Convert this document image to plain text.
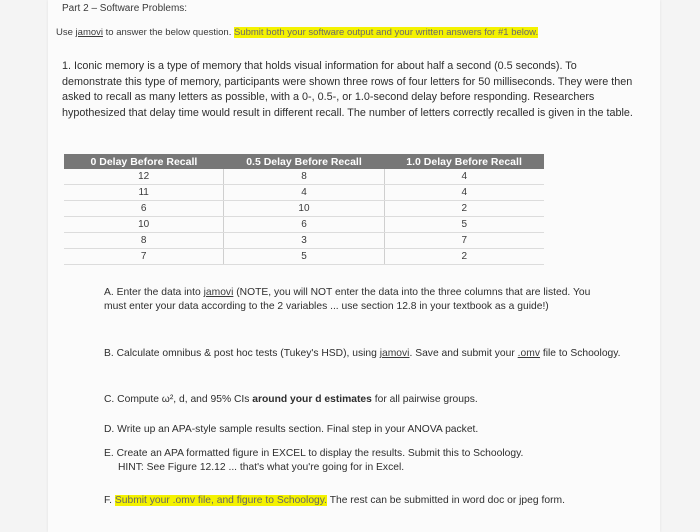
Part 2 – Software Problems:
Use jamovi to answer the below question. Submit both your software output and your written answers for #1 below.
1. Iconic memory is a type of memory that holds visual information for about half a second (0.5 seconds). To demonstrate this type of memory, participants were shown three rows of four letters for 50 milliseconds. They were then asked to recall as many letters as possible, with a 0-, 0.5-, or 1.0-second delay before responding. Researchers hypothesized that delay time would result in different recall. The number of letters correctly recalled is given in the table.
0 Delay Before Recall	0.5 Delay Before Recall	1.0 Delay Before Recall
12	8	4
11	4	4
6	10	2
10	6	5
8	3	7
7	5	2
A. Enter the data into jamovi (NOTE, you will NOT enter the data into the three columns that are listed. You must enter your data according to the 2 variables ... use section 12.8 in your textbook as a guide!)
B. Calculate omnibus & post hoc tests (Tukey's HSD), using jamovi. Save and submit your .omv file to Schoology.
C. Compute ω², d, and 95% CIs around your d estimates for all pairwise groups.
D. Write up an APA-style sample results section. Final step in your ANOVA packet.
E. Create an APA formatted figure in EXCEL to display the results. Submit this to Schoology.
HINT: See Figure 12.12 ... that's what you're going for in Excel.
F. Submit your .omv file, and figure to Schoology. The rest can be submitted in word doc or jpeg form.
